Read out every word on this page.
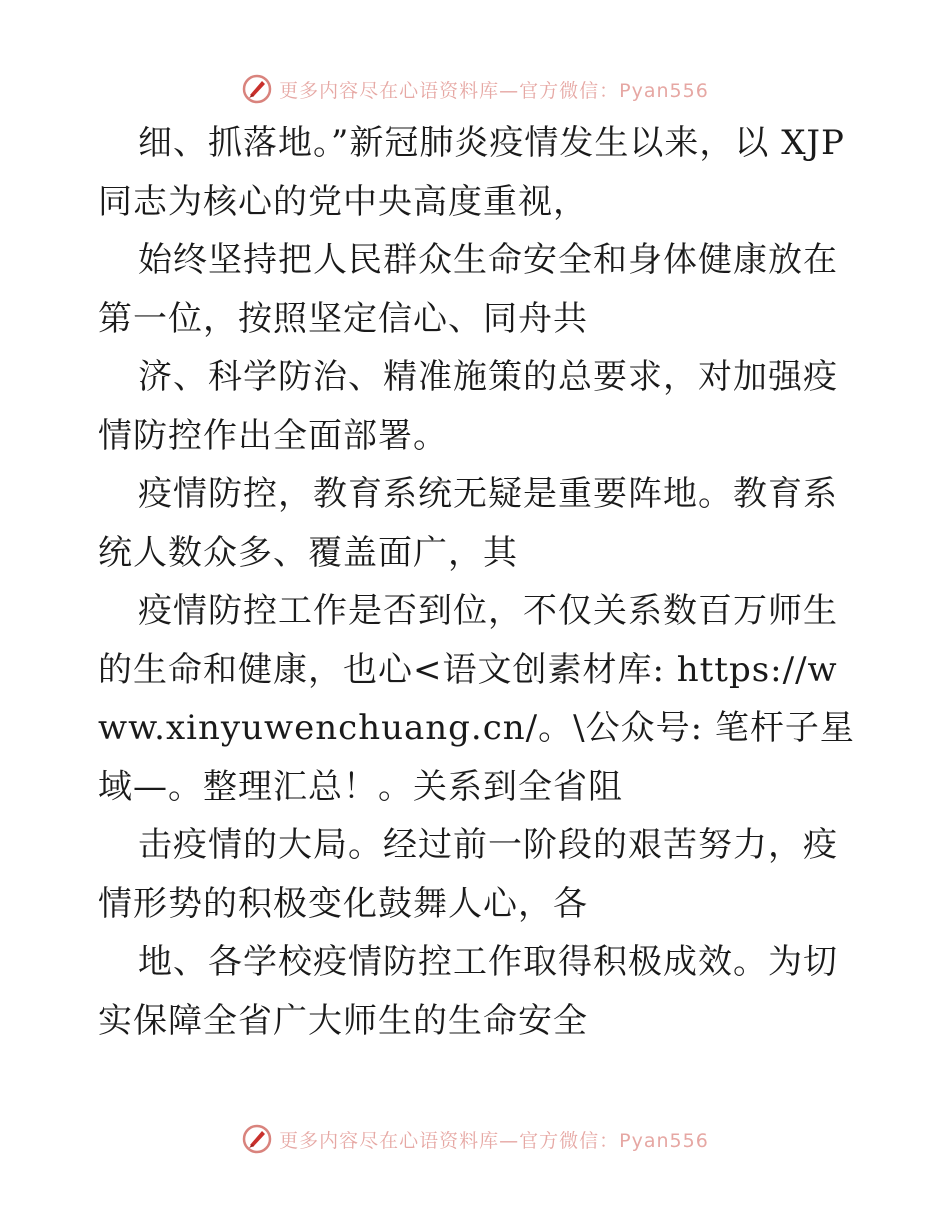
更多内容尽在心语资料库—官方微信：Pyan556

细、抓落地。”新冠肺炎疫情发生以来，以 XJP 同志为核心的党中央高度重视，

始终坚持把人民群众生命安全和身体健康放在第一位，按照坚定信心、同舟共

济、科学防治、精准施策的总要求，对加强疫情防控作出全面部署。

疫情防控，教育系统无疑是重要阵地。教育系统人数众多、覆盖面广，其

疫情防控工作是否到位，不仅关系数百万师生的生命和健康，也心<语文创素材库: https://www.xinyuwenchuang.cn/。\公众号: 笔杆子星域—。整理汇总！。关系到全省阻

击疫情的大局。经过前一阶段的艰苦努力，疫情形势的积极变化鼓舞人心，各

地、各学校疫情防控工作取得积极成效。为切实保障全省广大师生的生命安全

更多内容尽在心语资料库—官方微信：Pyan556
